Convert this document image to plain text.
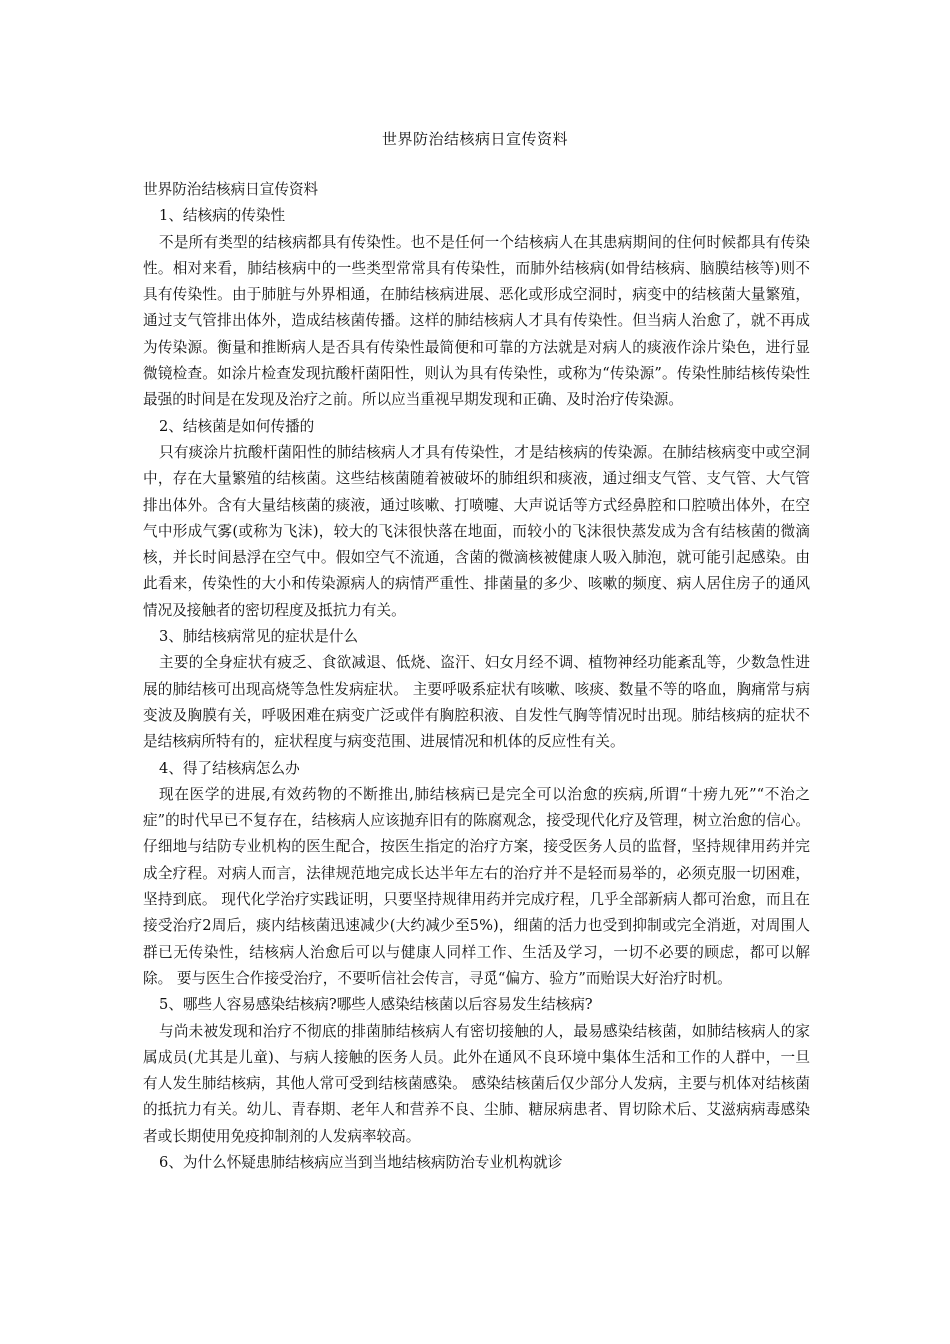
世界防治结核病日宣传资料

世界防治结核病日宣传资料

1、结核病的传染性

不是所有类型的结核病都具有传染性。也不是任何一个结核病人在其患病期间的住何时候都具有传染性。相对来看，肺结核病中的一些类型常常具有传染性，而肺外结核病(如骨结核病、脑膜结核等)则不具有传染性。由于肺脏与外界相通，在肺结核病进展、恶化或形成空洞时，病变中的结核菌大量繁殖，通过支气管排出体外，造成结核菌传播。这样的肺结核病人才具有传染性。但当病人治愈了，就不再成为传染源。衡量和推断病人是否具有传染性最简便和可靠的方法就是对病人的痰液作涂片染色，进行显微镜检查。如涂片检查发现抗酸杆菌阳性，则认为具有传染性，或称为“传染源”。传染性肺结核传染性最强的时间是在发现及治疗之前。所以应当重视早期发现和正确、及时治疗传染源。

2、结核菌是如何传播的

只有痰涂片抗酸杆菌阳性的肺结核病人才具有传染性，才是结核病的传染源。在肺结核病变中或空洞中，存在大量繁殖的结核菌。这些结核菌随着被破坏的肺组织和痰液，通过细支气管、支气管、大气管排出体外。含有大量结核菌的痰液，通过咳嗽、打喷嚏、大声说话等方式经鼻腔和口腔喷出体外，在空气中形成气雾(或称为飞沫)，较大的飞沫很快落在地面，而较小的飞沫很快蒸发成为含有结核菌的微滴核，并长时间悬浮在空气中。假如空气不流通，含菌的微滴核被健康人吸入肺泡，就可能引起感染。由此看来，传染性的大小和传染源病人的病情严重性、排菌量的多少、咳嗽的频度、病人居住房子的通风情况及接触者的密切程度及抵抗力有关。

3、肺结核病常见的症状是什么

主要的全身症状有疲乏、食欲减退、低烧、盗汗、妇女月经不调、植物神经功能紊乱等，少数急性进展的肺结核可出现高烧等急性发病症状。 主要呼吸系症状有咳嗽、咳痰、数量不等的咯血，胸痛常与病变波及胸膜有关，呼吸困难在病变广泛或伴有胸腔积液、自发性气胸等情况时出现。肺结核病的症状不是结核病所特有的，症状程度与病变范围、进展情况和机体的反应性有关。

4、得了结核病怎么办

现在医学的进展,有效药物的不断推出,肺结核病已是完全可以治愈的疾病,所谓“十痨九死”“不治之症”的时代早已不复存在，结核病人应该抛弃旧有的陈腐观念，接受现代化疗及管理，树立治愈的信心。 仔细地与结防专业机构的医生配合，按医生指定的治疗方案，接受医务人员的监督，坚持规律用药并完成全疗程。对病人而言，法律规范地完成长达半年左右的治疗并不是轻而易举的，必须克服一切困难，坚持到底。 现代化学治疗实践证明，只要坚持规律用药并完成疗程，几乎全部新病人都可治愈，而且在接受治疗2周后，痰内结核菌迅速减少(大约减少至5%)，细菌的活力也受到抑制或完全消逝，对周围人群已无传染性，结核病人治愈后可以与健康人同样工作、生活及学习，一切不必要的顾虑，都可以解除。 要与医生合作接受治疗，不要听信社会传言，寻觅“偏方、验方”而贻误大好治疗时机。

5、哪些人容易感染结核病?哪些人感染结核菌以后容易发生结核病?

与尚未被发现和治疗不彻底的排菌肺结核病人有密切接触的人，最易感染结核菌，如肺结核病人的家属成员(尤其是儿童)、与病人接触的医务人员。此外在通风不良环境中集体生活和工作的人群中，一旦有人发生肺结核病，其他人常可受到结核菌感染。 感染结核菌后仅少部分人发病，主要与机体对结核菌的抵抗力有关。幼儿、青春期、老年人和营养不良、尘肺、糖尿病患者、胃切除术后、艾滋病病毒感染者或长期使用免疫抑制剂的人发病率较高。

6、为什么怀疑患肺结核病应当到当地结核病防治专业机构就诊
